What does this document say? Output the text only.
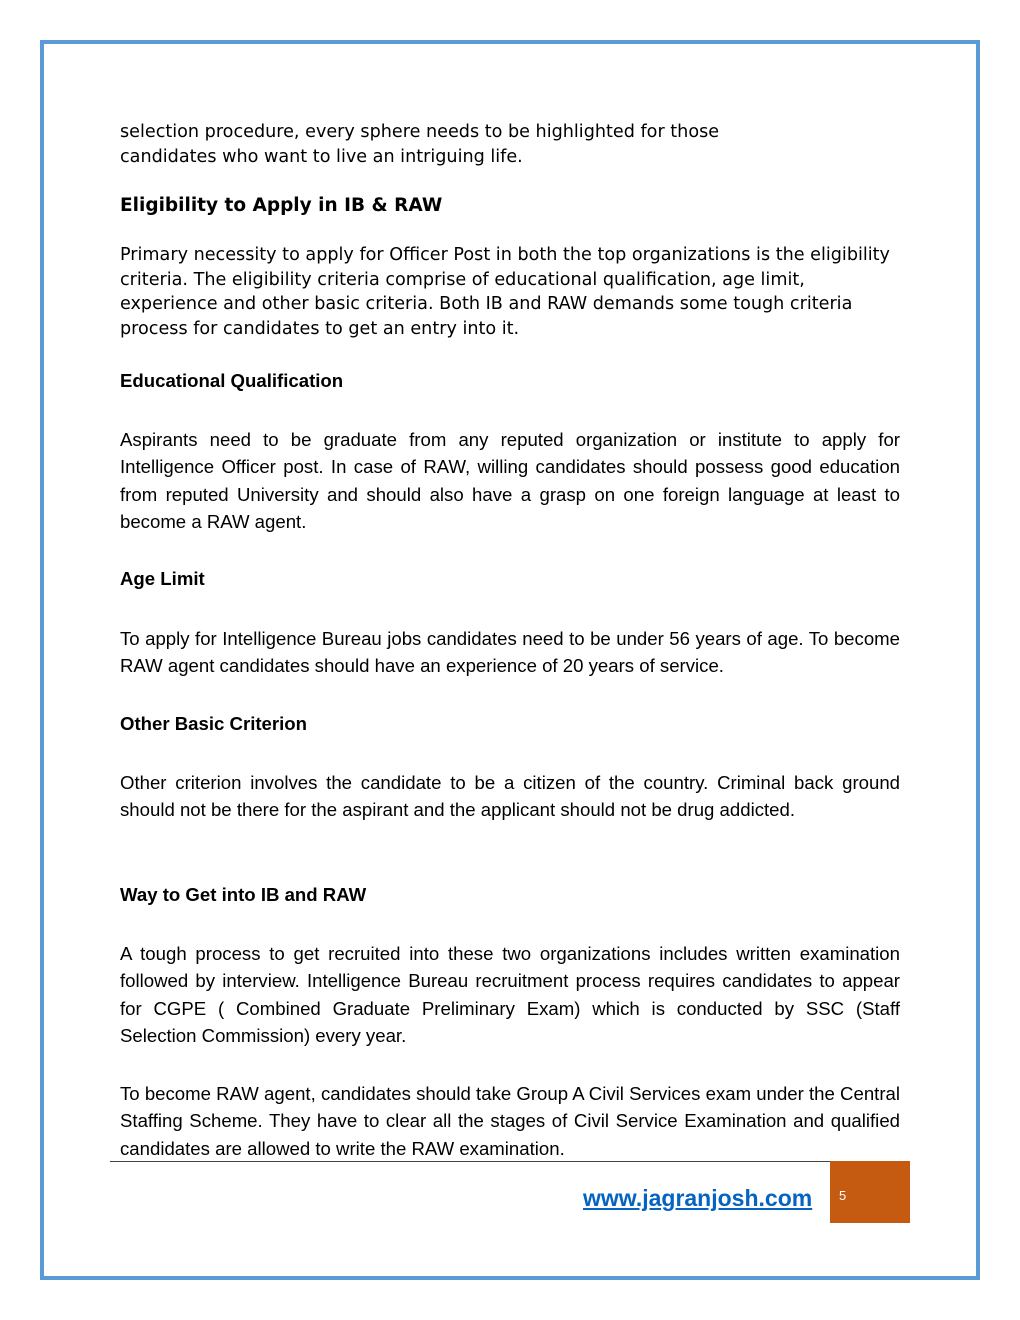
selection procedure, every sphere needs to be highlighted for those candidates who want to live an intriguing life.
Eligibility to Apply in IB & RAW
Primary necessity to apply for Officer Post in both the top organizations is the eligibility criteria. The eligibility criteria comprise of educational qualification, age limit, experience and other basic criteria. Both IB and RAW demands some tough criteria process for candidates to get an entry into it.
Educational Qualification

Aspirants need to be graduate from any reputed organization or institute to apply for Intelligence Officer post. In case of RAW, willing candidates should possess good education from reputed University and should also have a grasp on one foreign language at least to become a RAW agent.

Age Limit

To apply for Intelligence Bureau jobs candidates need to be under 56 years of age. To become RAW agent candidates should have an experience of 20 years of service.

Other Basic Criterion

Other criterion involves the candidate to be a citizen of the country. Criminal back ground should not be there for the aspirant and the applicant should not be drug addicted.

Way to Get into IB and RAW

A tough process to get recruited into these two organizations includes written examination followed by interview. Intelligence Bureau recruitment process requires candidates to appear for CGPE ( Combined Graduate Preliminary Exam) which is conducted by SSC (Staff Selection Commission) every year.

To become RAW agent, candidates should take Group A Civil Services exam under the Central Staffing Scheme. They have to clear all the stages of Civil Service Examination and qualified candidates are allowed to write the RAW examination.

www.jagranjosh.com 5
